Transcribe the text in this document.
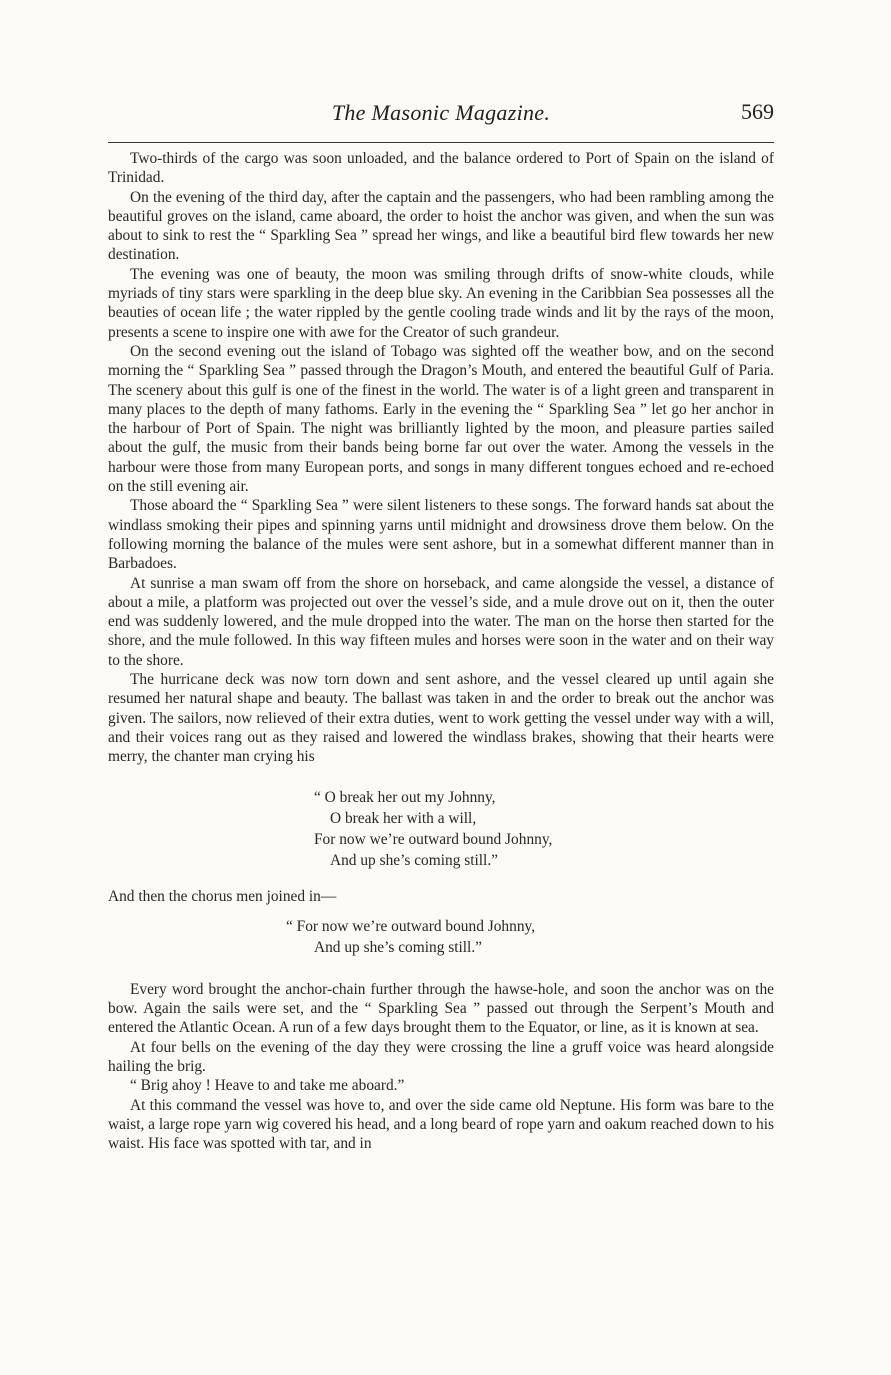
The Masonic Magazine.	569

Two-thirds of the cargo was soon unloaded, and the balance ordered to Port of Spain on the island of Trinidad.

On the evening of the third day, after the captain and the passengers, who had been rambling among the beautiful groves on the island, came aboard, the order to hoist the anchor was given, and when the sun was about to sink to rest the “ Sparkling Sea ” spread her wings, and like a beautiful bird flew towards her new destination.

The evening was one of beauty, the moon was smiling through drifts of snow-white clouds, while myriads of tiny stars were sparkling in the deep blue sky. An evening in the Caribbian Sea possesses all the beauties of ocean life ; the water rippled by the gentle cooling trade winds and lit by the rays of the moon, presents a scene to inspire one with awe for the Creator of such grandeur.

On the second evening out the island of Tobago was sighted off the weather bow, and on the second morning the “ Sparkling Sea ” passed through the Dragon’s Mouth, and entered the beautiful Gulf of Paria. The scenery about this gulf is one of the finest in the world. The water is of a light green and transparent in many places to the depth of many fathoms. Early in the evening the “ Sparkling Sea ” let go her anchor in the harbour of Port of Spain. The night was brilliantly lighted by the moon, and pleasure parties sailed about the gulf, the music from their bands being borne far out over the water. Among the vessels in the harbour were those from many European ports, and songs in many different tongues echoed and re-echoed on the still evening air.

Those aboard the “ Sparkling Sea ” were silent listeners to these songs. The forward hands sat about the windlass smoking their pipes and spinning yarns until midnight and drowsiness drove them below. On the following morning the balance of the mules were sent ashore, but in a somewhat different manner than in Barbadoes.

At sunrise a man swam off from the shore on horseback, and came alongside the vessel, a distance of about a mile, a platform was projected out over the vessel’s side, and a mule drove out on it, then the outer end was suddenly lowered, and the mule dropped into the water. The man on the horse then started for the shore, and the mule followed. In this way fifteen mules and horses were soon in the water and on their way to the shore.

The hurricane deck was now torn down and sent ashore, and the vessel cleared up until again she resumed her natural shape and beauty. The ballast was taken in and the order to break out the anchor was given. The sailors, now relieved of their extra duties, went to work getting the vessel under way with a will, and their voices rang out as they raised and lowered the windlass brakes, showing that their hearts were merry, the chanter man crying his

“ O break her out my Johnny,
O break her with a will,
For now we’re outward bound Johnny,
And up she’s coming still.”

And then the chorus men joined in—

“ For now we’re outward bound Johnny,
And up she’s coming still.”

Every word brought the anchor-chain further through the hawse-hole, and soon the anchor was on the bow. Again the sails were set, and the “ Sparkling Sea ” passed out through the Serpent’s Mouth and entered the Atlantic Ocean. A run of a few days brought them to the Equator, or line, as it is known at sea.

At four bells on the evening of the day they were crossing the line a gruff voice was heard alongside hailing the brig.

“ Brig ahoy ! Heave to and take me aboard.”

At this command the vessel was hove to, and over the side came old Neptune. His form was bare to the waist, a large rope yarn wig covered his head, and a long beard of rope yarn and oakum reached down to his waist. His face was spotted with tar, and in
